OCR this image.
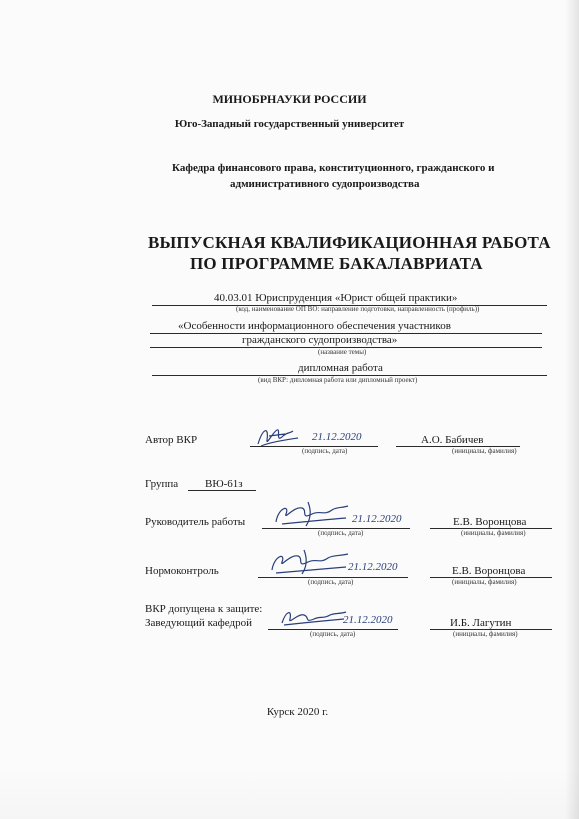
МИНОБРНАУКИ РОССИИ
Юго-Западный государственный университет
Кафедра финансового права, конституционного, гражданского и
административного судопроизводства
ВЫПУСКНАЯ КВАЛИФИКАЦИОННАЯ РАБОТА
ПО ПРОГРАММЕ БАКАЛАВРИАТА
40.03.01 Юриспруденция «Юрист общей практики»
(код, наименование ОП ВО: направление подготовки, направленность (профиль))
«Особенности информационного обеспечения участников
гражданского судопроизводства»
(название темы)
дипломная работа
(вид ВКР: дипломная работа или дипломный проект)
Автор ВКР	21.12.2020
(подпись, дата)
А.О. Бабичев
(инициалы, фамилия)
Группа ВЮ-61з
Руководитель работы	21.12.2020
(подпись, дата)
Е.В. Воронцова
(инициалы, фамилия)
Нормоконтроль	21.12.2020
(подпись, дата)
Е.В. Воронцова
(инициалы, фамилия)
ВКР допущена к защите:
Заведующий кафедрой	21.12.2020
(подпись, дата)
И.Б. Лагутин
(инициалы, фамилия)
Курск 2020 г.
